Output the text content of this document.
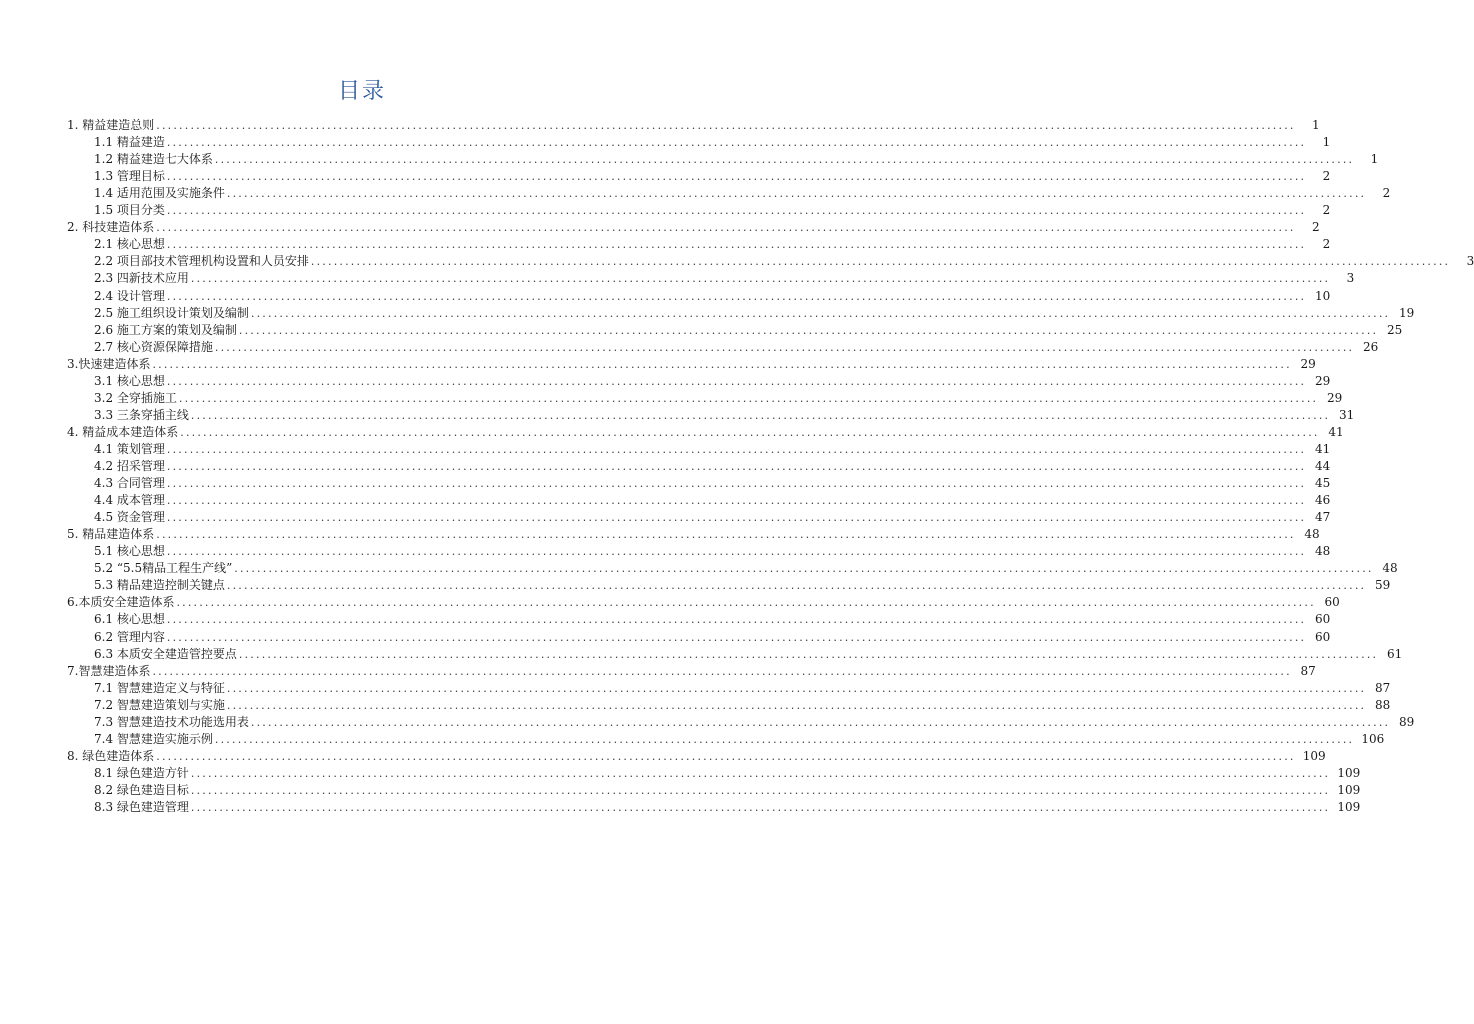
目录
1. 精益建造总则 ........................................................................................................................................................................................................	1
1.1 精益建造 ........................................................................................................................................................................................................	1
1.2 精益建造七大体系 ........................................................................................................................................................................................................	1
1.3 管理目标 ........................................................................................................................................................................................................	2
1.4 适用范围及实施条件 ........................................................................................................................................................................................................	2
1.5 项目分类 ........................................................................................................................................................................................................	2
2. 科技建造体系 ........................................................................................................................................................................................................	2
2.1 核心思想 ........................................................................................................................................................................................................	2
2.2 项目部技术管理机构设置和人员安排 ........................................................................................................................................................................................................	3
2.3 四新技术应用 ........................................................................................................................................................................................................	3
2.4 设计管理 ........................................................................................................................................................................................................ 10
2.5 施工组织设计策划及编制 ........................................................................................................................................................................................................ 19
2.6 施工方案的策划及编制 ........................................................................................................................................................................................................ 25
2.7 核心资源保障措施 ........................................................................................................................................................................................................ 26
3.快速建造体系 ........................................................................................................................................................................................................ 29
3.1 核心思想 ........................................................................................................................................................................................................ 29
3.2 全穿插施工 ........................................................................................................................................................................................................ 29
3.3 三条穿插主线 ........................................................................................................................................................................................................ 31
4. 精益成本建造体系 ........................................................................................................................................................................................................ 41
4.1 策划管理 ........................................................................................................................................................................................................ 41
4.2 招采管理 ........................................................................................................................................................................................................ 44
4.3 合同管理 ........................................................................................................................................................................................................ 45
4.4 成本管理 ........................................................................................................................................................................................................ 46
4.5 资金管理 ........................................................................................................................................................................................................ 47
5. 精品建造体系 ........................................................................................................................................................................................................ 48
5.1 核心思想 ........................................................................................................................................................................................................ 48
5.2 “5.5精品工程生产线” ........................................................................................................................................................................................................ 48
5.3 精品建造控制关键点 ........................................................................................................................................................................................................ 59
6.本质安全建造体系 ........................................................................................................................................................................................................ 60
6.1 核心思想 ........................................................................................................................................................................................................ 60
6.2 管理内容 ........................................................................................................................................................................................................ 60
6.3 本质安全建造管控要点 ........................................................................................................................................................................................................ 61
7.智慧建造体系 ........................................................................................................................................................................................................ 87
7.1 智慧建造定义与特征 ........................................................................................................................................................................................................ 87
7.2 智慧建造策划与实施 ........................................................................................................................................................................................................ 88
7.3 智慧建造技术功能选用表 ........................................................................................................................................................................................................ 89
7.4 智慧建造实施示例 ........................................................................................................................................................................................................ 106
8. 绿色建造体系 ........................................................................................................................................................................................................ 109
8.1 绿色建造方针 ........................................................................................................................................................................................................ 109
8.2 绿色建造目标 ........................................................................................................................................................................................................ 109
8.3 绿色建造管理 ........................................................................................................................................................................................................ 109
